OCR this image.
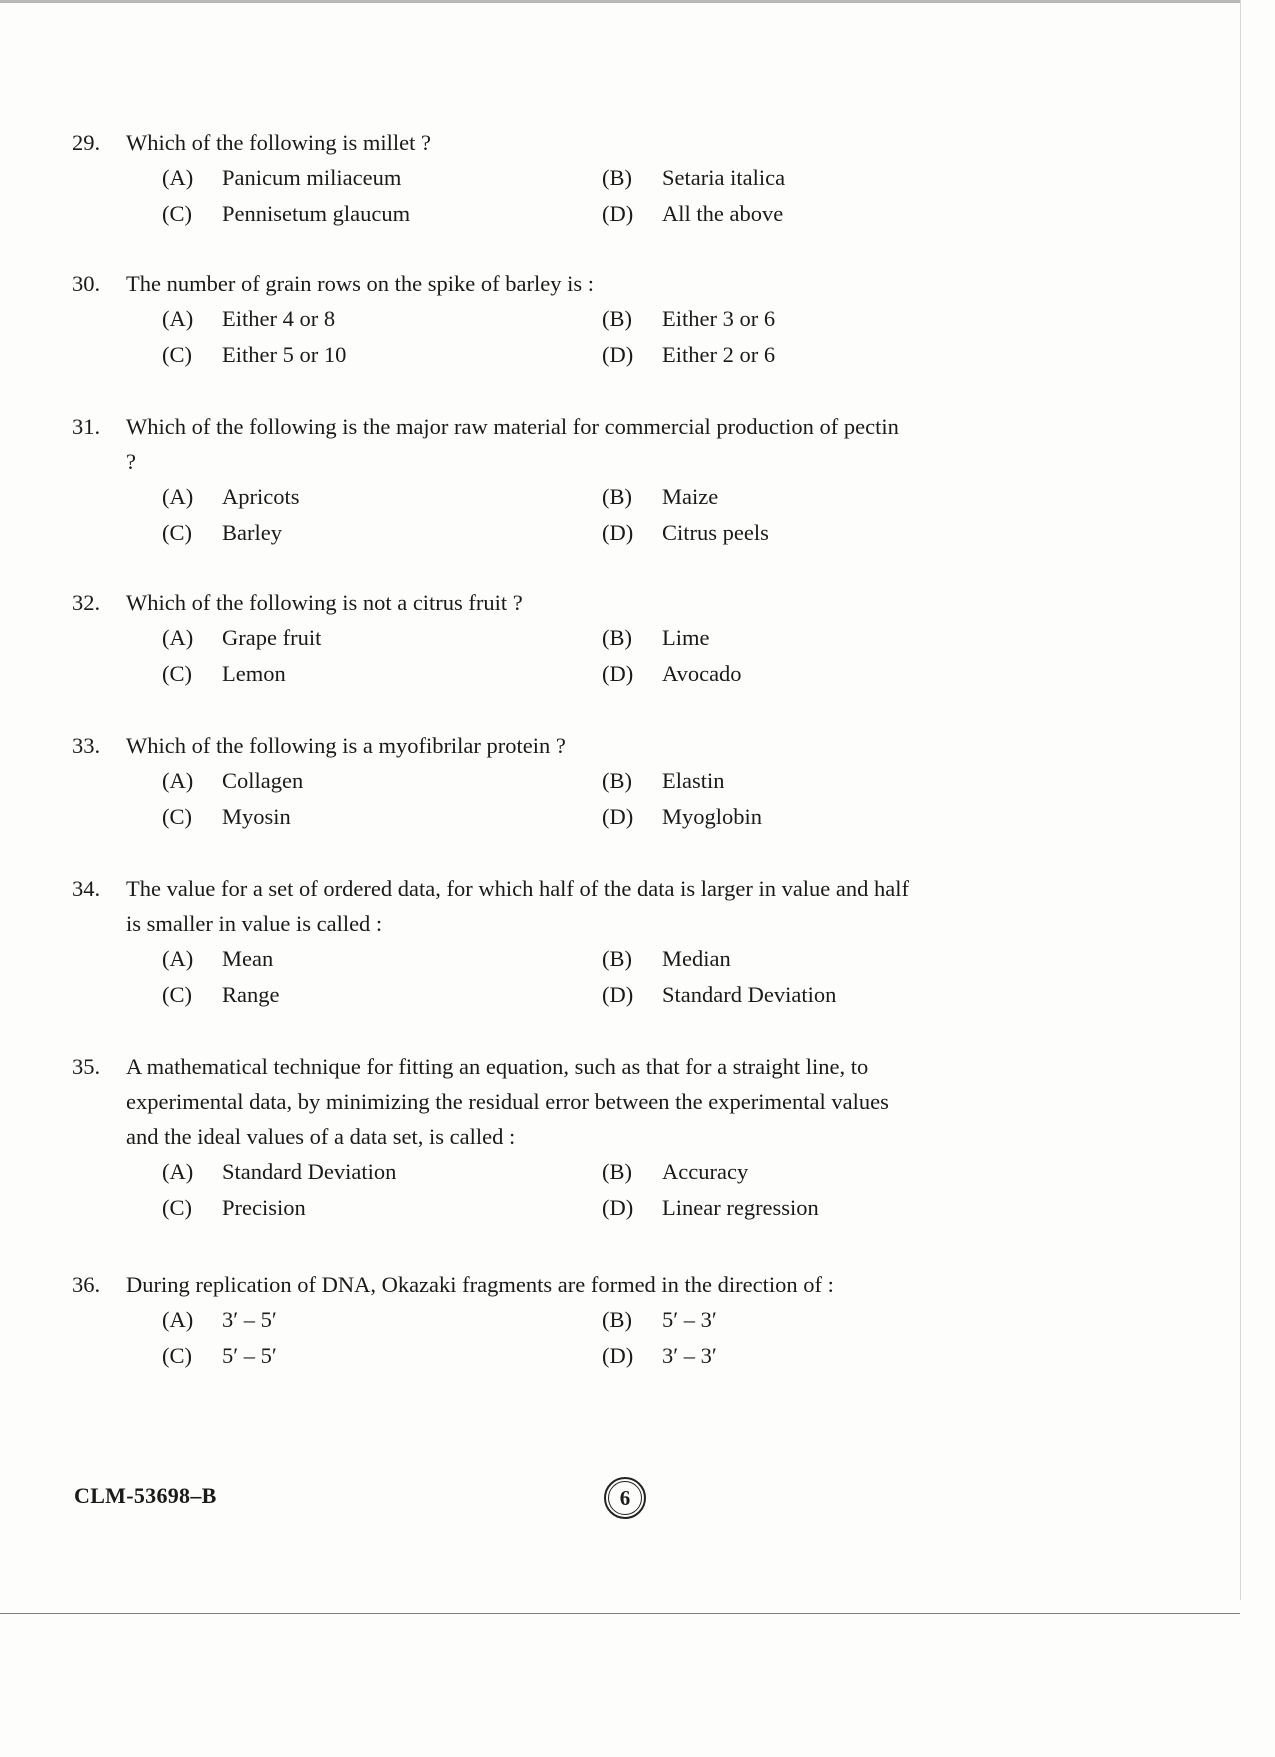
29.	Which of the following is millet ?
(A)	Panicum miliaceum	(B)	Setaria italica
(C)	Pennisetum glaucum	(D)	All the above
30.	The number of grain rows on the spike of barley is :
(A)	Either 4 or 8	(B)	Either 3 or 6
(C)	Either 5 or 10	(D)	Either 2 or 6
31.	Which of the following is the major raw material for commercial production of pectin ?
(A)	Apricots	(B)	Maize
(C)	Barley	(D)	Citrus peels
32.	Which of the following is not a citrus fruit ?
(A)	Grape fruit	(B)	Lime
(C)	Lemon	(D)	Avocado
33.	Which of the following is a myofibrilar protein ?
(A)	Collagen	(B)	Elastin
(C)	Myosin	(D)	Myoglobin
34.	The value for a set of ordered data, for which half of the data is larger in value and half is smaller in value is called :
(A)	Mean	(B)	Median
(C)	Range	(D)	Standard Deviation
35.	A mathematical technique for fitting an equation, such as that for a straight line, to experimental data, by minimizing the residual error between the experimental values and the ideal values of a data set, is called :
(A)	Standard Deviation	(B)	Accuracy
(C)	Precision	(D)	Linear regression
36.	During replication of DNA, Okazaki fragments are formed in the direction of :
(A)	3′ – 5′	(B)	5′ – 3′
(C)	5′ – 5′	(D)	3′ – 3′
CLM-53698–B	6
